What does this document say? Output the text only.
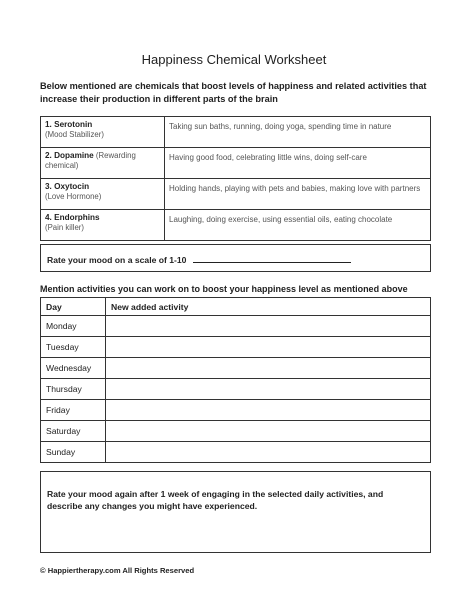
Happiness Chemical Worksheet
Below mentioned are chemicals that boost levels of happiness and related activities that increase their production in different parts of the brain
1. Serotonin
(Mood Stabilizer)	Taking sun baths, running, doing yoga, spending time in nature
2. Dopamine (Rewarding chemical)	Having good food, celebrating little wins, doing self-care
3. Oxytocin
(Love Hormone)	Holding hands, playing with pets and babies, making love with partners
4. Endorphins
(Pain killer)	Laughing, doing exercise, using essential oils, eating chocolate
Rate your mood on a scale of 1-10
Mention activities you can work on to boost your happiness level as mentioned above
Day	New added activity
Monday	
Tuesday	
Wednesday	
Thursday	
Friday	
Saturday	
Sunday	
Rate your mood again after 1 week of engaging in the selected daily activities, and describe any changes you might have experienced.
© Happiertherapy.com All Rights Reserved
